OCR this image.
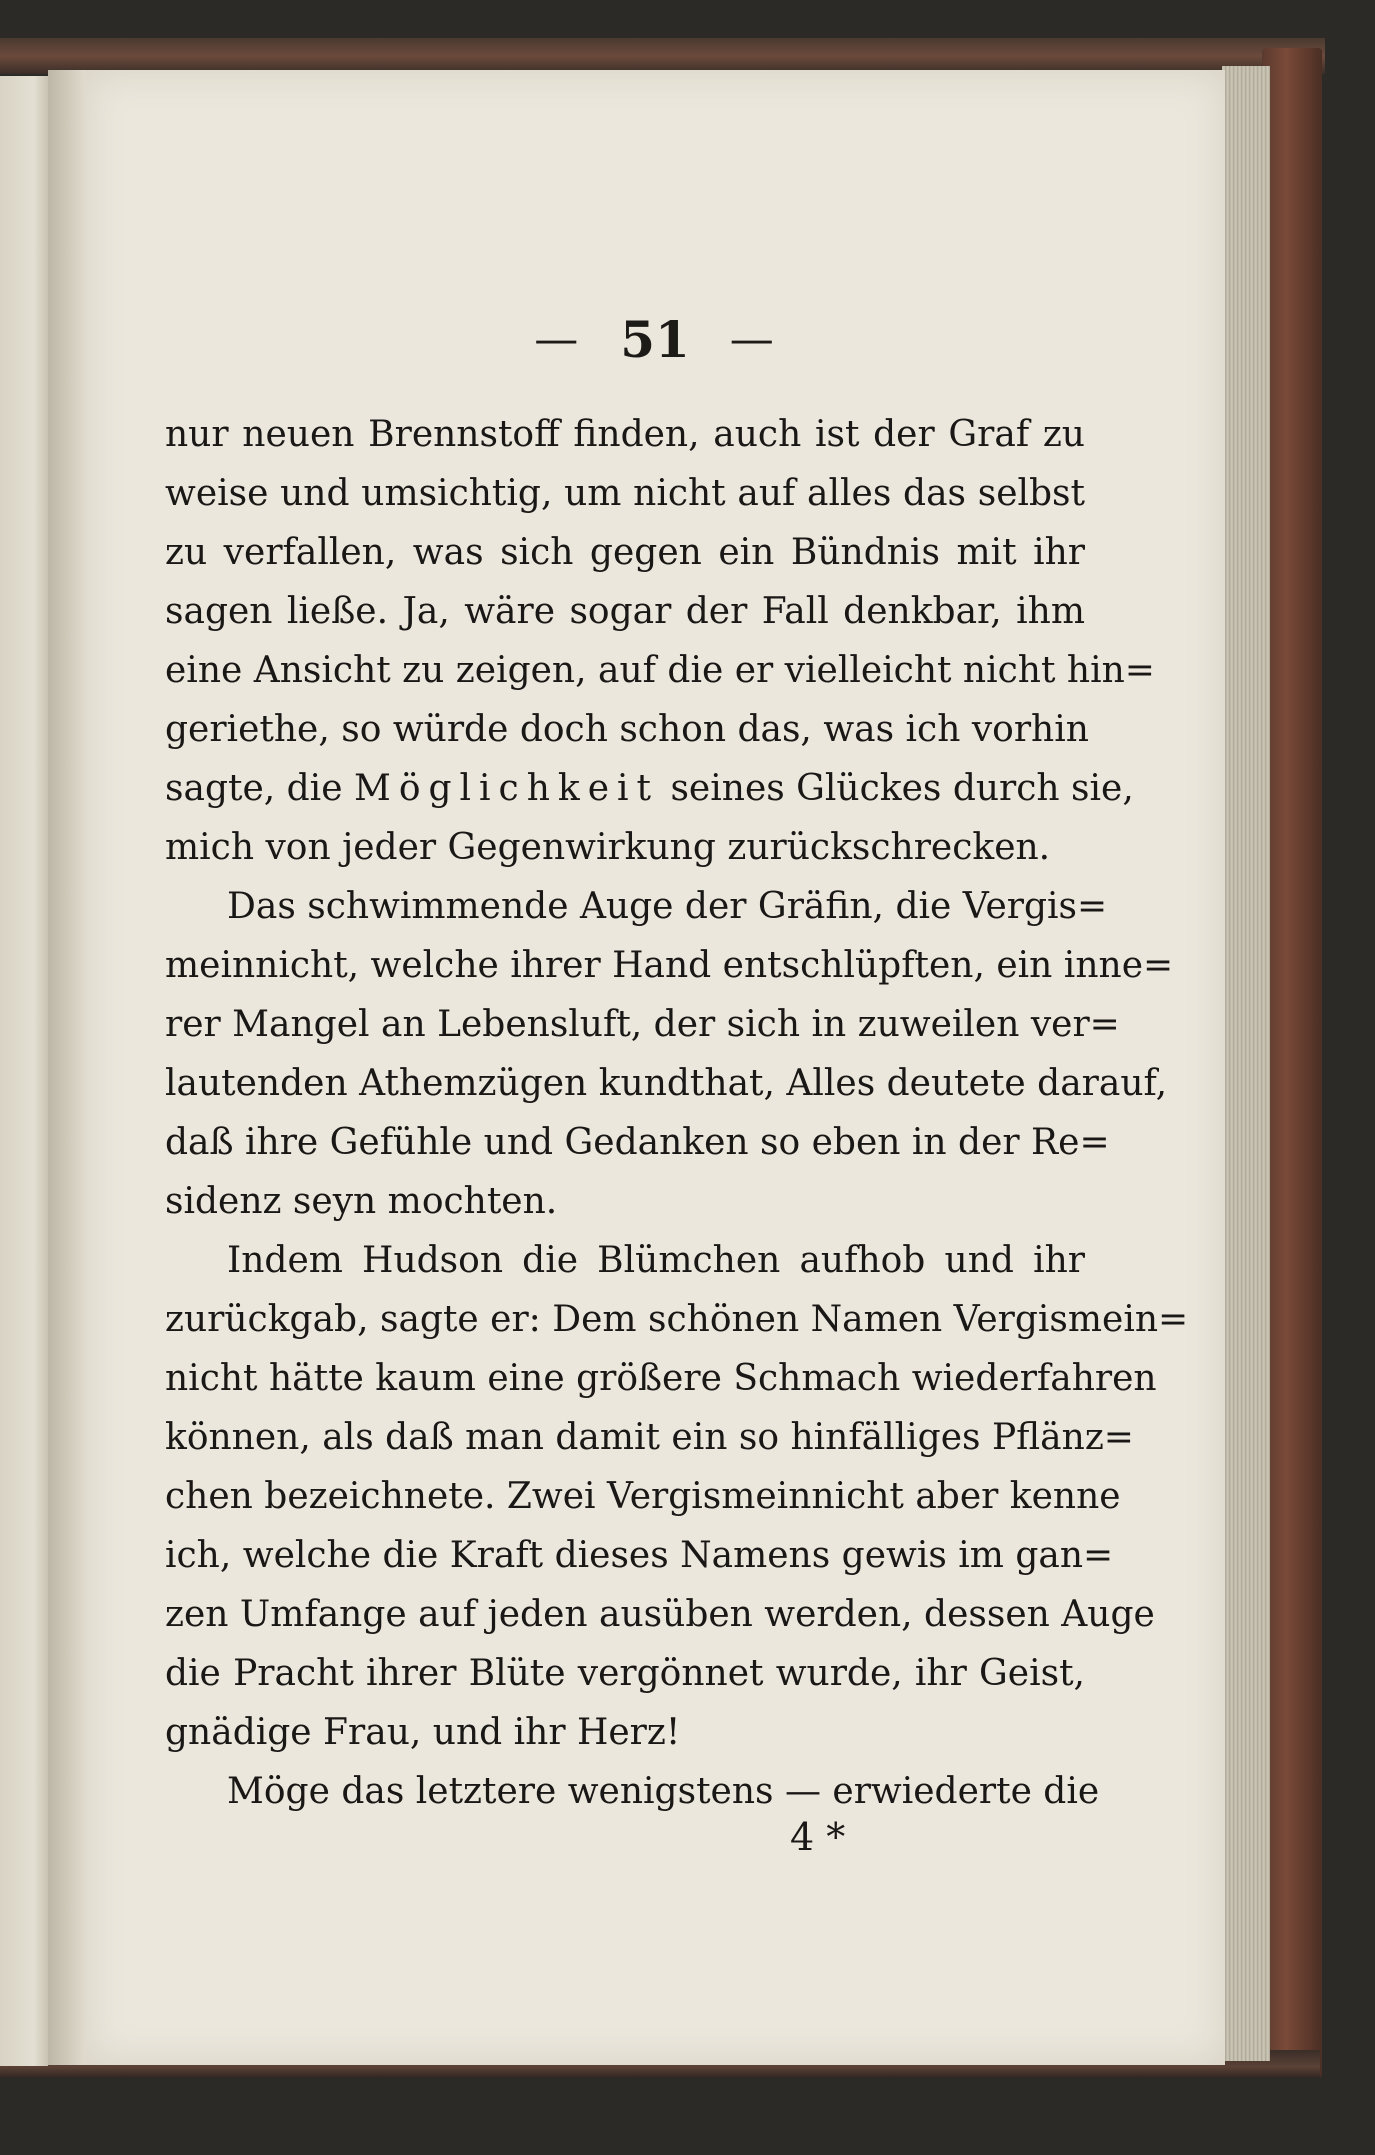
— 51 —
nur neuen Brennstoff finden, auch ist der Graf zu
weise und umsichtig, um nicht auf alles das selbst
zu verfallen, was sich gegen ein Bündnis mit ihr
sagen ließe. Ja, wäre sogar der Fall denkbar, ihm
eine Ansicht zu zeigen, auf die er vielleicht nicht hin=
geriethe, so würde doch schon das, was ich vorhin
sagte, die Möglichkeit seines Glückes durch sie,
mich von jeder Gegenwirkung zurückschrecken.
Das schwimmende Auge der Gräfin, die Vergis=
meinnicht, welche ihrer Hand entschlüpften, ein inne=
rer Mangel an Lebensluft, der sich in zuweilen ver=
lautenden Athemzügen kundthat, Alles deutete darauf,
daß ihre Gefühle und Gedanken so eben in der Re=
sidenz seyn mochten.
Indem Hudson die Blümchen aufhob und ihr
zurückgab, sagte er: Dem schönen Namen Vergismein=
nicht hätte kaum eine größere Schmach wiederfahren
können, als daß man damit ein so hinfälliges Pflänz=
chen bezeichnete. Zwei Vergismeinnicht aber kenne
ich, welche die Kraft dieses Namens gewis im gan=
zen Umfange auf jeden ausüben werden, dessen Auge
die Pracht ihrer Blüte vergönnet wurde, ihr Geist,
gnädige Frau, und ihr Herz!
Möge das letztere wenigstens — erwiederte die
4 *
